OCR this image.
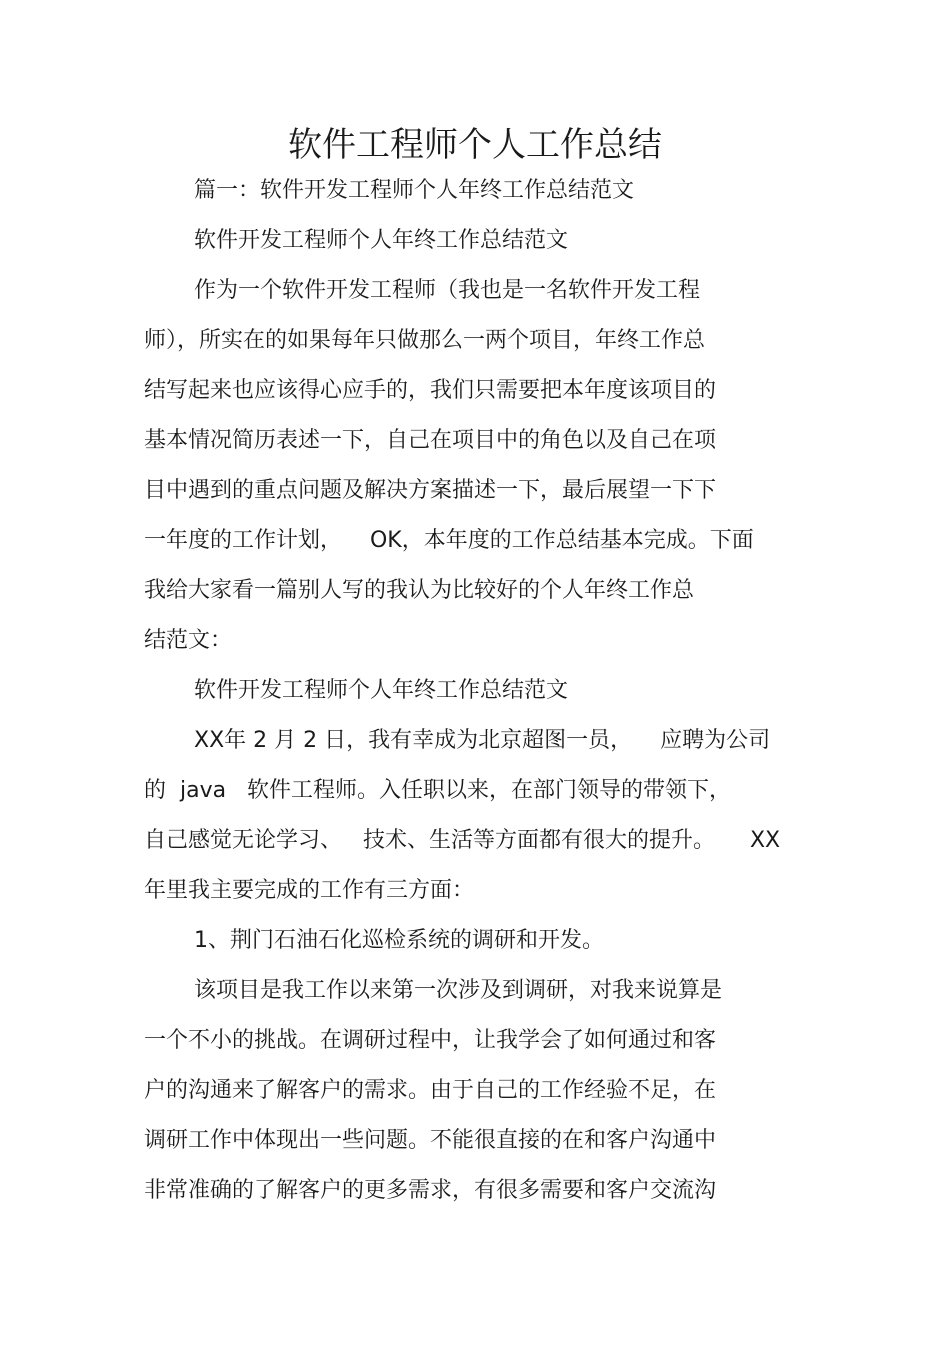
软件工程师个人工作总结
篇一：软件开发工程师个人年终工作总结范文
软件开发工程师个人年终工作总结范文
作为一个软件开发工程师（我也是一名软件开发工程
师），所实在的如果每年只做那么一两个项目，年终工作总
结写起来也应该得心应手的，我们只需要把本年度该项目的
基本情况简历表述一下，自己在项目中的角色以及自己在项
目中遇到的重点问题及解决方案描述一下，最后展望一下下
一年度的工作计划，    OK，本年度的工作总结基本完成。下面
我给大家看一篇别人写的我认为比较好的个人年终工作总
结范文：
软件开发工程师个人年终工作总结范文
XX年 2 月 2 日，我有幸成为北京超图一员，    应聘为公司
的  java   软件工程师。入任职以来，在部门领导的带领下，
自己感觉无论学习、   技术、生活等方面都有很大的提升。     XX
年里我主要完成的工作有三方面：
1、荆门石油石化巡检系统的调研和开发。
该项目是我工作以来第一次涉及到调研，对我来说算是
一个不小的挑战。在调研过程中，让我学会了如何通过和客
户的沟通来了解客户的需求。由于自己的工作经验不足，在
调研工作中体现出一些问题。不能很直接的在和客户沟通中
非常准确的了解客户的更多需求，有很多需要和客户交流沟
